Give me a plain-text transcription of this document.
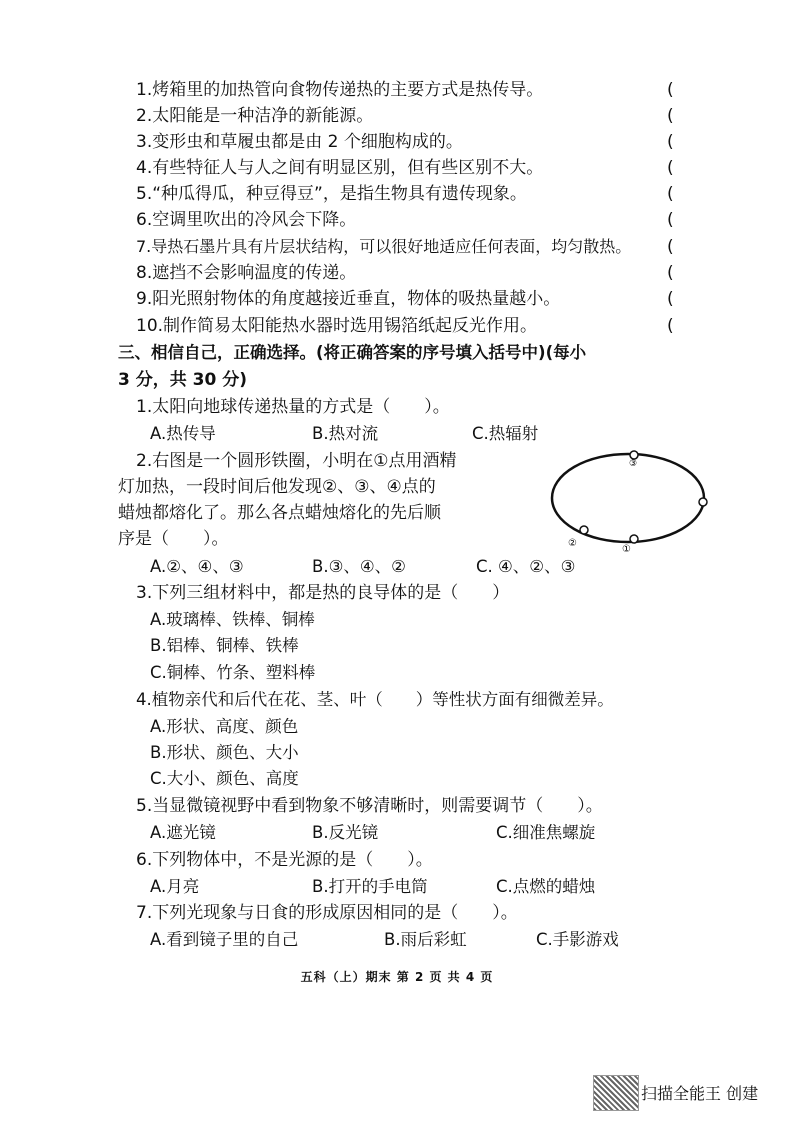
1.烤箱里的加热管向食物传递热的主要方式是热传导。
2.太阳能是一种洁净的新能源。
3.变形虫和草履虫都是由 2 个细胞构成的。
4.有些特征人与人之间有明显区别，但有些区别不大。
5.“种瓜得瓜，种豆得豆”，是指生物具有遗传现象。
6.空调里吹出的冷风会下降。
7.导热石墨片具有片层状结构，可以很好地适应任何表面，均匀散热。
8.遮挡不会影响温度的传递。
9.阳光照射物体的角度越接近垂直，物体的吸热量越小。
10.制作简易太阳能热水器时选用锡箔纸起反光作用。
(
(
(
(
(
(
(
(
(
(
三、相信自己，正确选择。(将正确答案的序号填入括号中)(每小
3 分，共 30 分)
1.太阳向地球传递热量的方式是（　　）。
A.热传导	B.热对流	C.热辐射
2.右图是一个圆形铁圈，小明在①点用酒精
灯加热，一段时间后他发现②、③、④点的
蜡烛都熔化了。那么各点蜡烛熔化的先后顺
序是（　　）。
A.②、④、③	B.③、④、②	C. ④、②、③
③
②
①
3.下列三组材料中，都是热的良导体的是（　　）
A.玻璃棒、铁棒、铜棒
B.铝棒、铜棒、铁棒
C.铜棒、竹条、塑料棒
4.植物亲代和后代在花、茎、叶（　　）等性状方面有细微差异。
A.形状、高度、颜色
B.形状、颜色、大小
C.大小、颜色、高度
5.当显微镜视野中看到物象不够清晰时，则需要调节（　　）。
A.遮光镜	B.反光镜	C.细准焦螺旋
6.下列物体中，不是光源的是（　　）。
A.月亮	B.打开的手电筒	C.点燃的蜡烛
7.下列光现象与日食的形成原因相同的是（　　）。
A.看到镜子里的自己	B.雨后彩虹	C.手影游戏
五科（上）期末 第 2 页 共 4 页
扫描全能王 创建
